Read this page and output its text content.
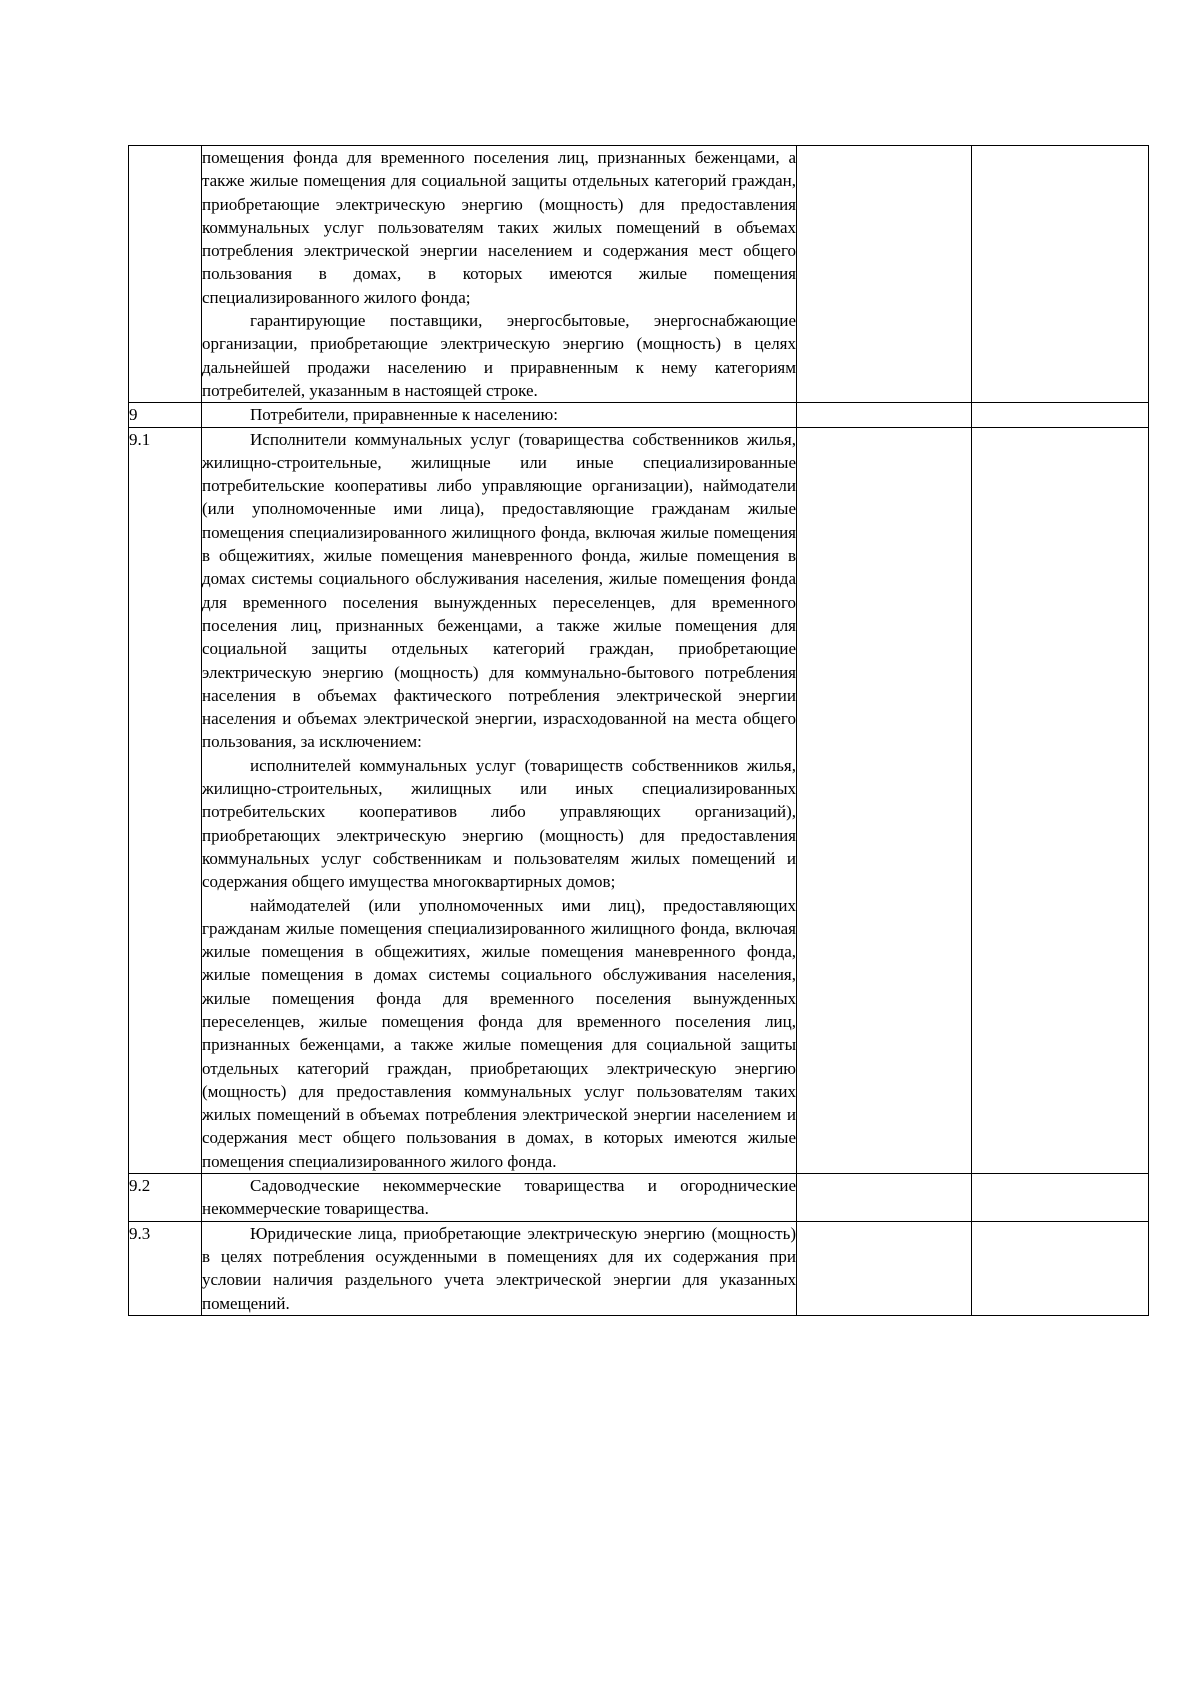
	помещения фонда для временного поселения лиц, признанных беженцами, а также жилые помещения для социальной защиты отдельных категорий граждан, приобретающие электрическую энергию (мощность) для предоставления коммунальных услуг пользователям таких жилых помещений в объемах потребления электрической энергии населением и содержания мест общего пользования в домах, в которых имеются жилые помещения специализированного жилого фонда;

гарантирующие поставщики, энергосбытовые, энергоснабжающие организации, приобретающие электрическую энергию (мощность) в целях дальнейшей продажи населению и приравненным к нему категориям потребителей, указанным в настоящей строке.		

9	Потребители, приравненные к населению:		

9.1	Исполнители коммунальных услуг (товарищества собственников жилья, жилищно-строительные, жилищные или иные специализированные потребительские кооперативы либо управляющие организации), наймодатели (или уполномоченные ими лица), предоставляющие гражданам жилые помещения специализированного жилищного фонда, включая жилые помещения в общежитиях, жилые помещения маневренного фонда, жилые помещения в домах системы социального обслуживания населения, жилые помещения фонда для временного поселения вынужденных переселенцев, для временного поселения лиц, признанных беженцами, а также жилые помещения для социальной защиты отдельных категорий граждан, приобретающие электрическую энергию (мощность) для коммунально-бытового потребления населения в объемах фактического потребления электрической энергии населения и объемах электрической энергии, израсходованной на места общего пользования, за исключением:

исполнителей коммунальных услуг (товариществ собственников жилья, жилищно-строительных, жилищных или иных специализированных потребительских кооперативов либо управляющих организаций), приобретающих электрическую энергию (мощность) для предоставления коммунальных услуг собственникам и пользователям жилых помещений и содержания общего имущества многоквартирных домов;

наймодателей (или уполномоченных ими лиц), предоставляющих гражданам жилые помещения специализированного жилищного фонда, включая жилые помещения в общежитиях, жилые помещения маневренного фонда, жилые помещения в домах системы социального обслуживания населения, жилые помещения фонда для временного поселения вынужденных переселенцев, жилые помещения фонда для временного поселения лиц, признанных беженцами, а также жилые помещения для социальной защиты отдельных категорий граждан, приобретающих электрическую энергию (мощность) для предоставления коммунальных услуг пользователям таких жилых помещений в объемах потребления электрической энергии населением и содержания мест общего пользования в домах, в которых имеются жилые помещения специализированного жилого фонда.		

9.2	Садоводческие некоммерческие товарищества и огороднические некоммерческие товарищества.		

9.3	Юридические лица, приобретающие электрическую энергию (мощность) в целях потребления осужденными в помещениях для их содержания при условии наличия раздельного учета электрической энергии для указанных помещений.		
